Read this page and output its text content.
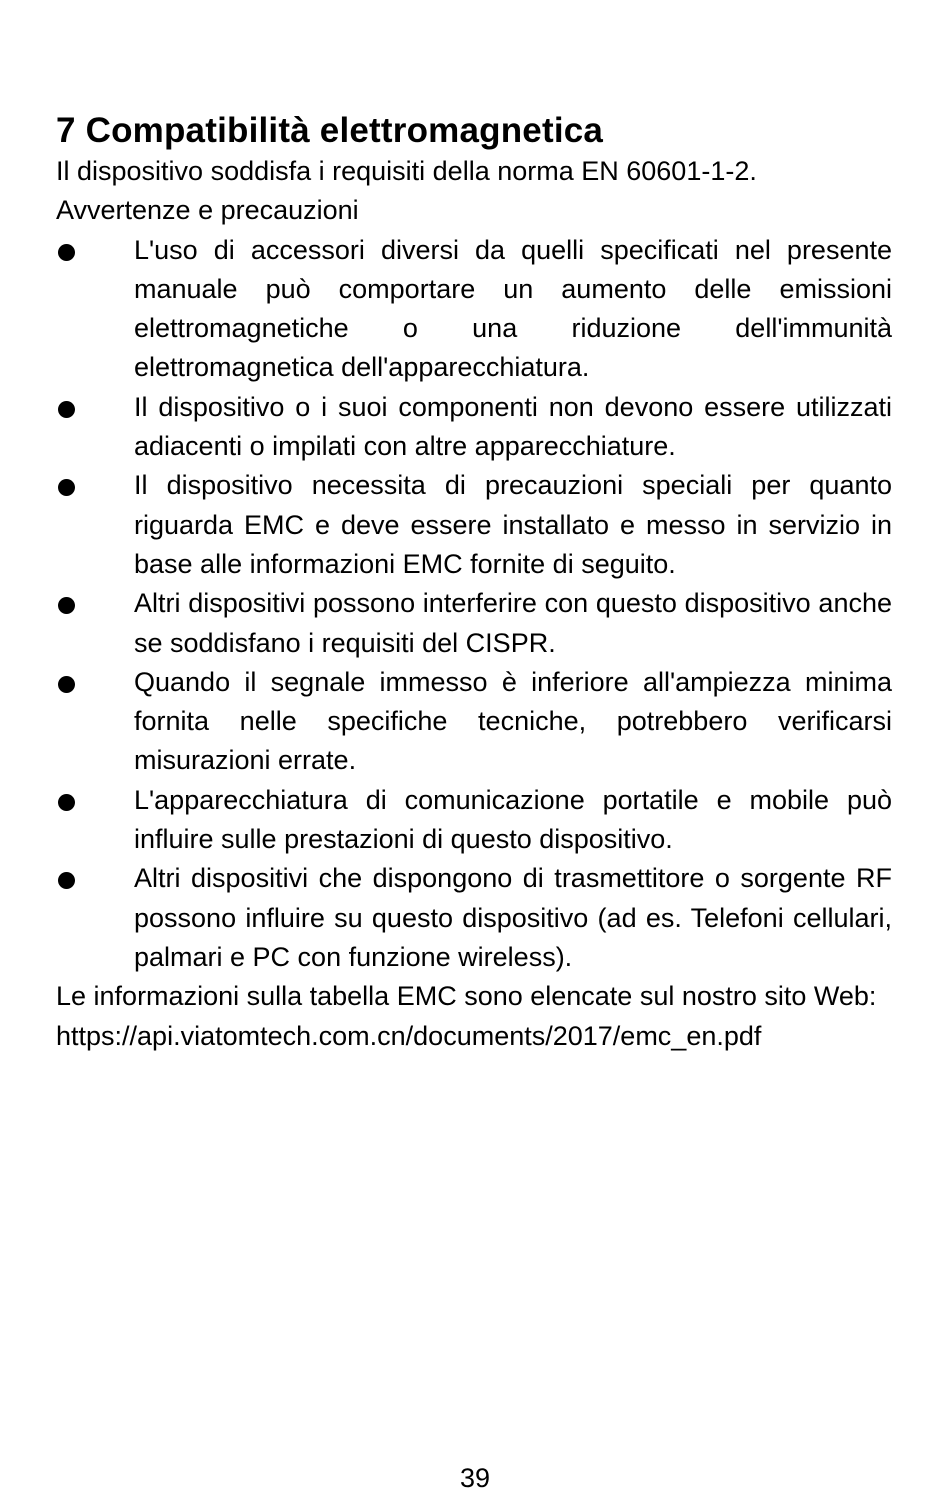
7 Compatibilità elettromagnetica

Il dispositivo soddisfa i requisiti della norma EN 60601-1-2.

Avvertenze e precauzioni

L'uso di accessori diversi da quelli specificati nel presente manuale può comportare un aumento delle emissioni elettromagnetiche o una riduzione dell'immunità elettromagnetica dell'apparecchiatura.
Il dispositivo o i suoi componenti non devono essere utilizzati adiacenti o impilati con altre apparecchiature.
Il dispositivo necessita di precauzioni speciali per quanto riguarda EMC e deve essere installato e messo in servizio in base alle informazioni EMC fornite di seguito.
Altri dispositivi possono interferire con questo dispositivo anche se soddisfano i requisiti del CISPR.
Quando il segnale immesso è inferiore all'ampiezza minima fornita nelle specifiche tecniche, potrebbero verificarsi misurazioni errate.
L'apparecchiatura di comunicazione portatile e mobile può influire sulle prestazioni di questo dispositivo.
Altri dispositivi che dispongono di trasmettitore o sorgente RF possono influire su questo dispositivo (ad es. Telefoni cellulari, palmari e PC con funzione wireless).

Le informazioni sulla tabella EMC sono elencate sul nostro sito Web:

https://api.viatomtech.com.cn/documents/2017/emc_en.pdf

39
